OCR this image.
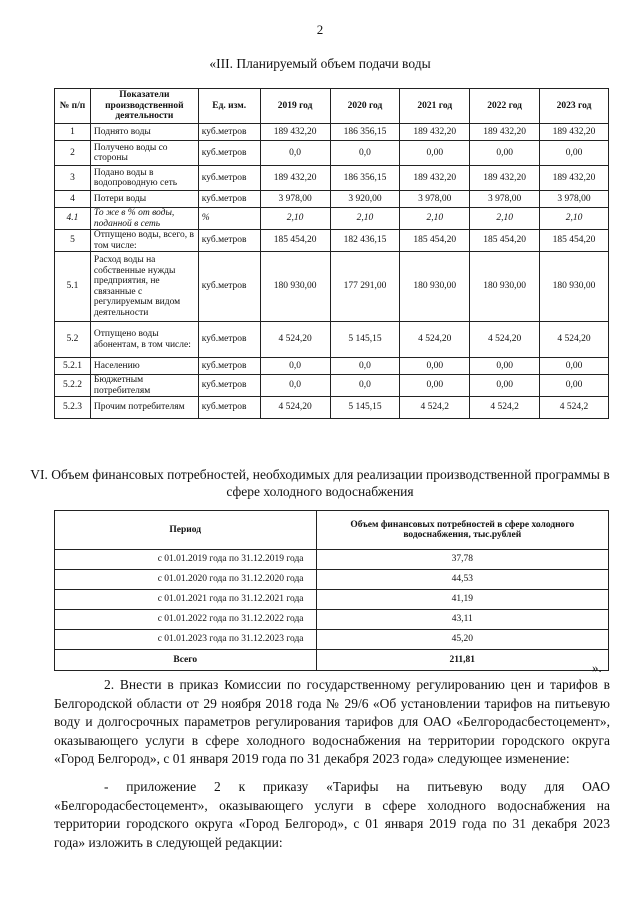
2
«III. Планируемый объем подачи воды
№ п/п	Показатели производственной деятельности	Ед. изм.	2019 год	2020 год	2021 год	2022 год	2023 год
1	Поднято воды	куб.метров	189 432,20	186 356,15	189 432,20	189 432,20	189 432,20
2	Получено воды со стороны	куб.метров	0,0	0,0	0,00	0,00	0,00
3	Подано воды в водопроводную сеть	куб.метров	189 432,20	186 356,15	189 432,20	189 432,20	189 432,20
4	Потери воды	куб.метров	3 978,00	3 920,00	3 978,00	3 978,00	3 978,00
4.1	То же в % от воды, поданной в сеть	%	2,10	2,10	2,10	2,10	2,10
5	Отпущено воды, всего, в том числе:	куб.метров	185 454,20	182 436,15	185 454,20	185 454,20	185 454,20
5.1	Расход воды на собственные нужды предприятия, не связанные с регулируемым видом деятельности	куб.метров	180 930,00	177 291,00	180 930,00	180 930,00	180 930,00
5.2	Отпущено воды абонентам, в том числе:	куб.метров	4 524,20	5 145,15	4 524,20	4 524,20	4 524,20
5.2.1	Населению	куб.метров	0,0	0,0	0,00	0,00	0,00
5.2.2	Бюджетным потребителям	куб.метров	0,0	0,0	0,00	0,00	0,00
5.2.3	Прочим потребителям	куб.метров	4 524,20	5 145,15	4 524,2	4 524,2	4 524,2
VI. Объем финансовых потребностей, необходимых для реализации производственной программы в сфере холодного водоснабжения
Период	Объем финансовых потребностей в сфере холодного водоснабжения, тыс.рублей
с 01.01.2019 года по 31.12.2019 года	37,78
с 01.01.2020 года по 31.12.2020 года	44,53
с 01.01.2021 года по 31.12.2021 года	41,19
с 01.01.2022 года по 31.12.2022 года	43,11
с 01.01.2023 года по 31.12.2023 года	45,20
Всего	211,81
».
2. Внести в приказ Комиссии по государственному регулированию цен и тарифов в Белгородской области от 29 ноября 2018 года № 29/6 «Об установлении тарифов на питьевую воду и долгосрочных параметров регулирования тарифов для ОАО «Белгородасбестоцемент», оказывающего услуги в сфере холодного водоснабжения на территории городского округа «Город Белгород», с 01 января 2019 года по 31 декабря 2023 года» следующее изменение:
- приложение 2 к приказу «Тарифы на питьевую воду для ОАО «Белгородасбестоцемент», оказывающего услуги в сфере холодного водоснабжения на территории городского округа «Город Белгород», с 01 января 2019 года по 31 декабря 2023 года» изложить в следующей редакции:
